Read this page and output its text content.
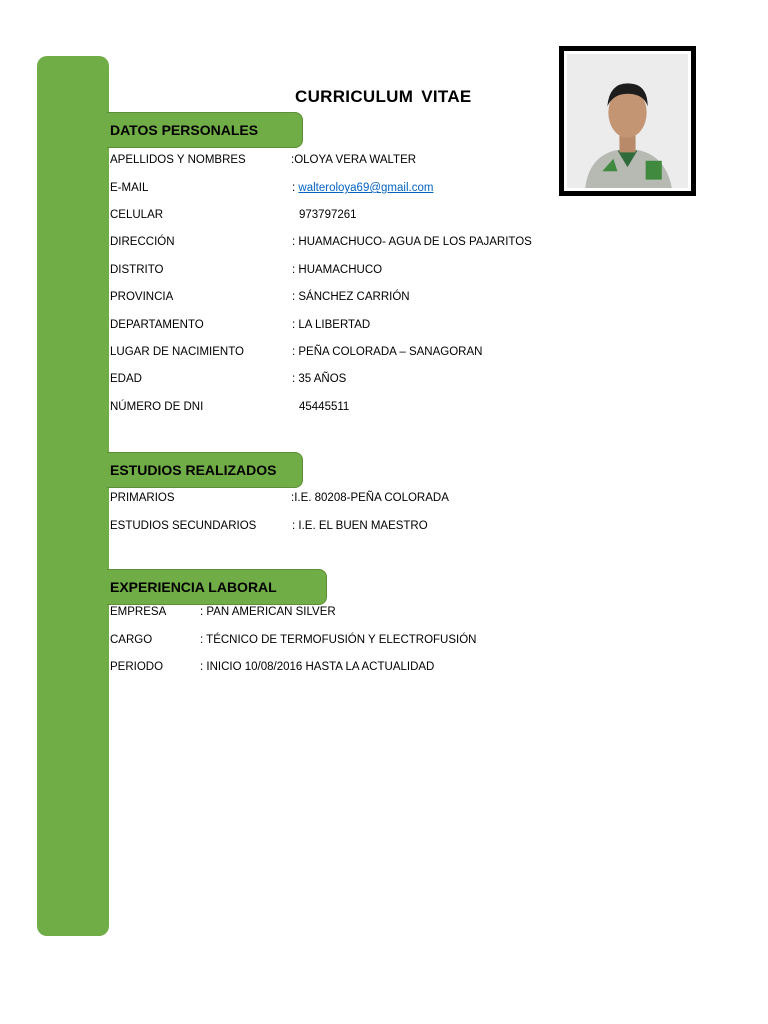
CURRICULUM VITAE
DATOS PERSONALES
APELLIDOS Y NOMBRES	:OLOYA VERA WALTER
E-MAIL	: walteroloya69@gmail.com
CELULAR	973797261
DIRECCIÓN	: HUAMACHUCO- AGUA DE LOS PAJARITOS
DISTRITO	: HUAMACHUCO
PROVINCIA	: SÁNCHEZ CARRIÓN
DEPARTAMENTO	: LA LIBERTAD
LUGAR DE NACIMIENTO	: PEÑA COLORADA – SANAGORAN
EDAD	: 35 AÑOS
NÚMERO DE DNI	45445511
ESTUDIOS REALIZADOS
PRIMARIOS	:I.E. 80208-PEÑA COLORADA
ESTUDIOS SECUNDARIOS	: I.E. EL BUEN MAESTRO
EXPERIENCIA LABORAL
EMPRESA	: PAN AMERICAN SILVER
CARGO	: TÉCNICO DE TERMOFUSIÓN Y ELECTROFUSIÓN
PERIODO	: INICIO 10/08/2016 HASTA LA ACTUALIDAD
